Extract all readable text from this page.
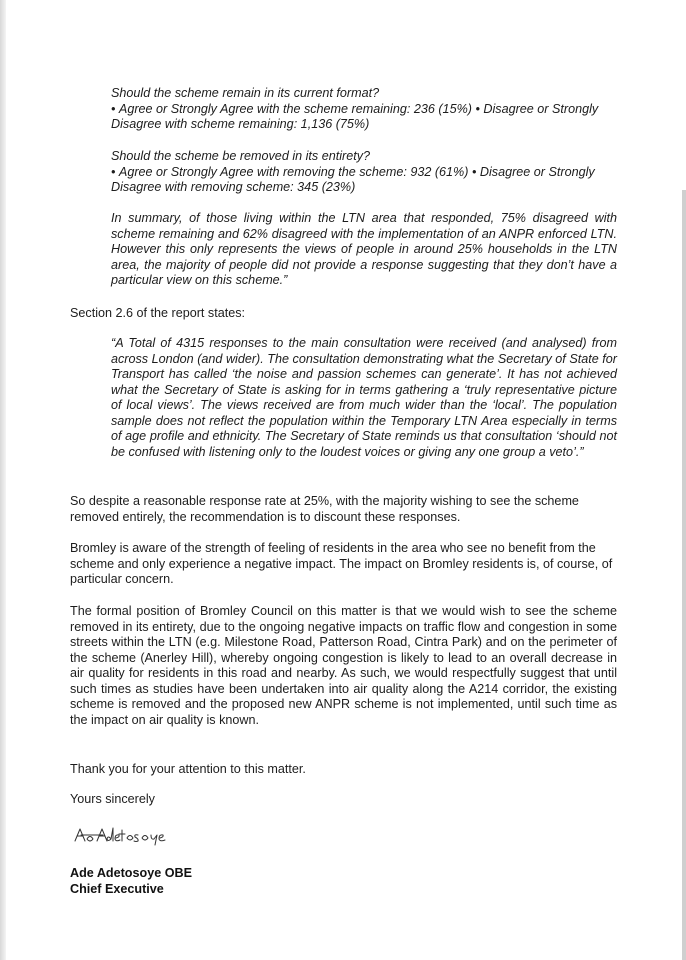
Should the scheme remain in its current format?

• Agree or Strongly Agree with the scheme remaining: 236 (15%) • Disagree or Strongly Disagree with scheme remaining: 1,136 (75%)

Should the scheme be removed in its entirety?

• Agree or Strongly Agree with removing the scheme: 932 (61%) • Disagree or Strongly Disagree with removing scheme: 345 (23%)

In summary, of those living within the LTN area that responded, 75% disagreed with scheme remaining and 62% disagreed with the implementation of an ANPR enforced LTN. However this only represents the views of people in around 25% households in the LTN area, the majority of people did not provide a response suggesting that they don’t have a particular view on this scheme.”

Section 2.6 of the report states:

“A Total of 4315 responses to the main consultation were received (and analysed) from across London (and wider). The consultation demonstrating what the Secretary of State for Transport has called ‘the noise and passion schemes can generate’. It has not achieved what the Secretary of State is asking for in terms gathering a ‘truly representative picture of local views’. The views received are from much wider than the ‘local’. The population sample does not reflect the population within the Temporary LTN Area especially in terms of age profile and ethnicity. The Secretary of State reminds us that consultation ‘should not be confused with listening only to the loudest voices or giving any one group a veto’.”

So despite a reasonable response rate at 25%, with the majority wishing to see the scheme removed entirely, the recommendation is to discount these responses.

Bromley is aware of the strength of feeling of residents in the area who see no benefit from the scheme and only experience a negative impact. The impact on Bromley residents is, of course, of particular concern.

The formal position of Bromley Council on this matter is that we would wish to see the scheme removed in its entirety, due to the ongoing negative impacts on traffic flow and congestion in some streets within the LTN (e.g. Milestone Road, Patterson Road, Cintra Park) and on the perimeter of the scheme (Anerley Hill), whereby ongoing congestion is likely to lead to an overall decrease in air quality for residents in this road and nearby. As such, we would respectfully suggest that until such times as studies have been undertaken into air quality along the A214 corridor, the existing scheme is removed and the proposed new ANPR scheme is not implemented, until such time as the impact on air quality is known.

Thank you for your attention to this matter.

Yours sincerely

Ade Adetosoye OBE
Chief Executive
